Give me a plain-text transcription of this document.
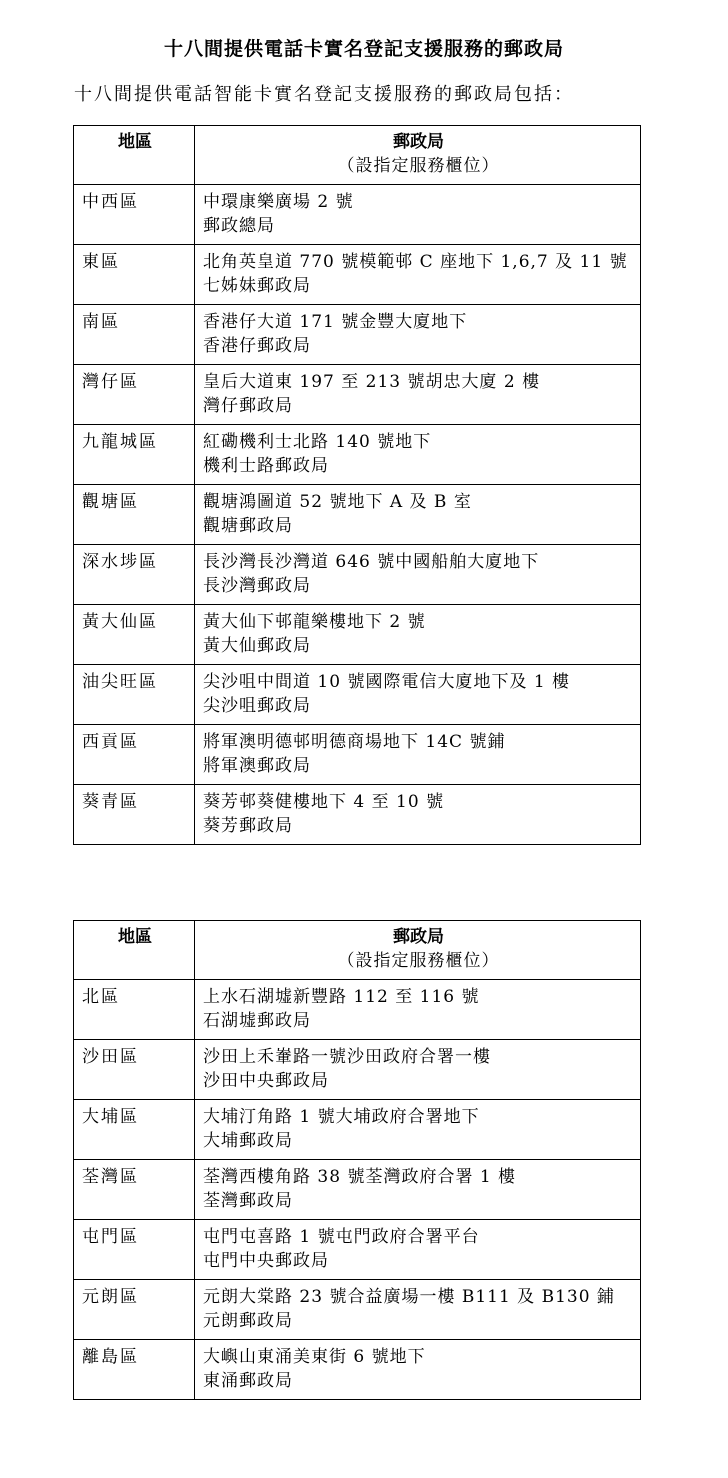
十八間提供電話卡實名登記支援服務的郵政局
十八間提供電話智能卡實名登記支援服務的郵政局包括：
地區	郵政局
（設指定服務櫃位）

中西區	中環康樂廣場 2 號
郵政總局

東區	北角英皇道 770 號模範邨 C 座地下 1,6,7 及 11 號
七姊妹郵政局

南區	香港仔大道 171 號金豐大廈地下
香港仔郵政局

灣仔區	皇后大道東 197 至 213 號胡忠大廈 2 樓
灣仔郵政局

九龍城區	紅磡機利士北路 140 號地下
機利士路郵政局

觀塘區	觀塘鴻圖道 52 號地下 A 及 B 室
觀塘郵政局

深水埗區	長沙灣長沙灣道 646 號中國船舶大廈地下
長沙灣郵政局

黃大仙區	黃大仙下邨龍樂樓地下 2 號
黃大仙郵政局

油尖旺區	尖沙咀中間道 10 號國際電信大廈地下及 1 樓
尖沙咀郵政局

西貢區	將軍澳明德邨明德商場地下 14C 號鋪
將軍澳郵政局

葵青區	葵芳邨葵健樓地下 4 至 10 號
葵芳郵政局
地區	郵政局
（設指定服務櫃位）

北區	上水石湖墟新豐路 112 至 116 號
石湖墟郵政局

沙田區	沙田上禾輋路一號沙田政府合署一樓
沙田中央郵政局

大埔區	大埔汀角路 1 號大埔政府合署地下
大埔郵政局

荃灣區	荃灣西樓角路 38 號荃灣政府合署 1 樓
荃灣郵政局

屯門區	屯門屯喜路 1 號屯門政府合署平台
屯門中央郵政局

元朗區	元朗大棠路 23 號合益廣場一樓 B111 及 B130 鋪
元朗郵政局

離島區	大嶼山東涌美東街 6 號地下
東涌郵政局
